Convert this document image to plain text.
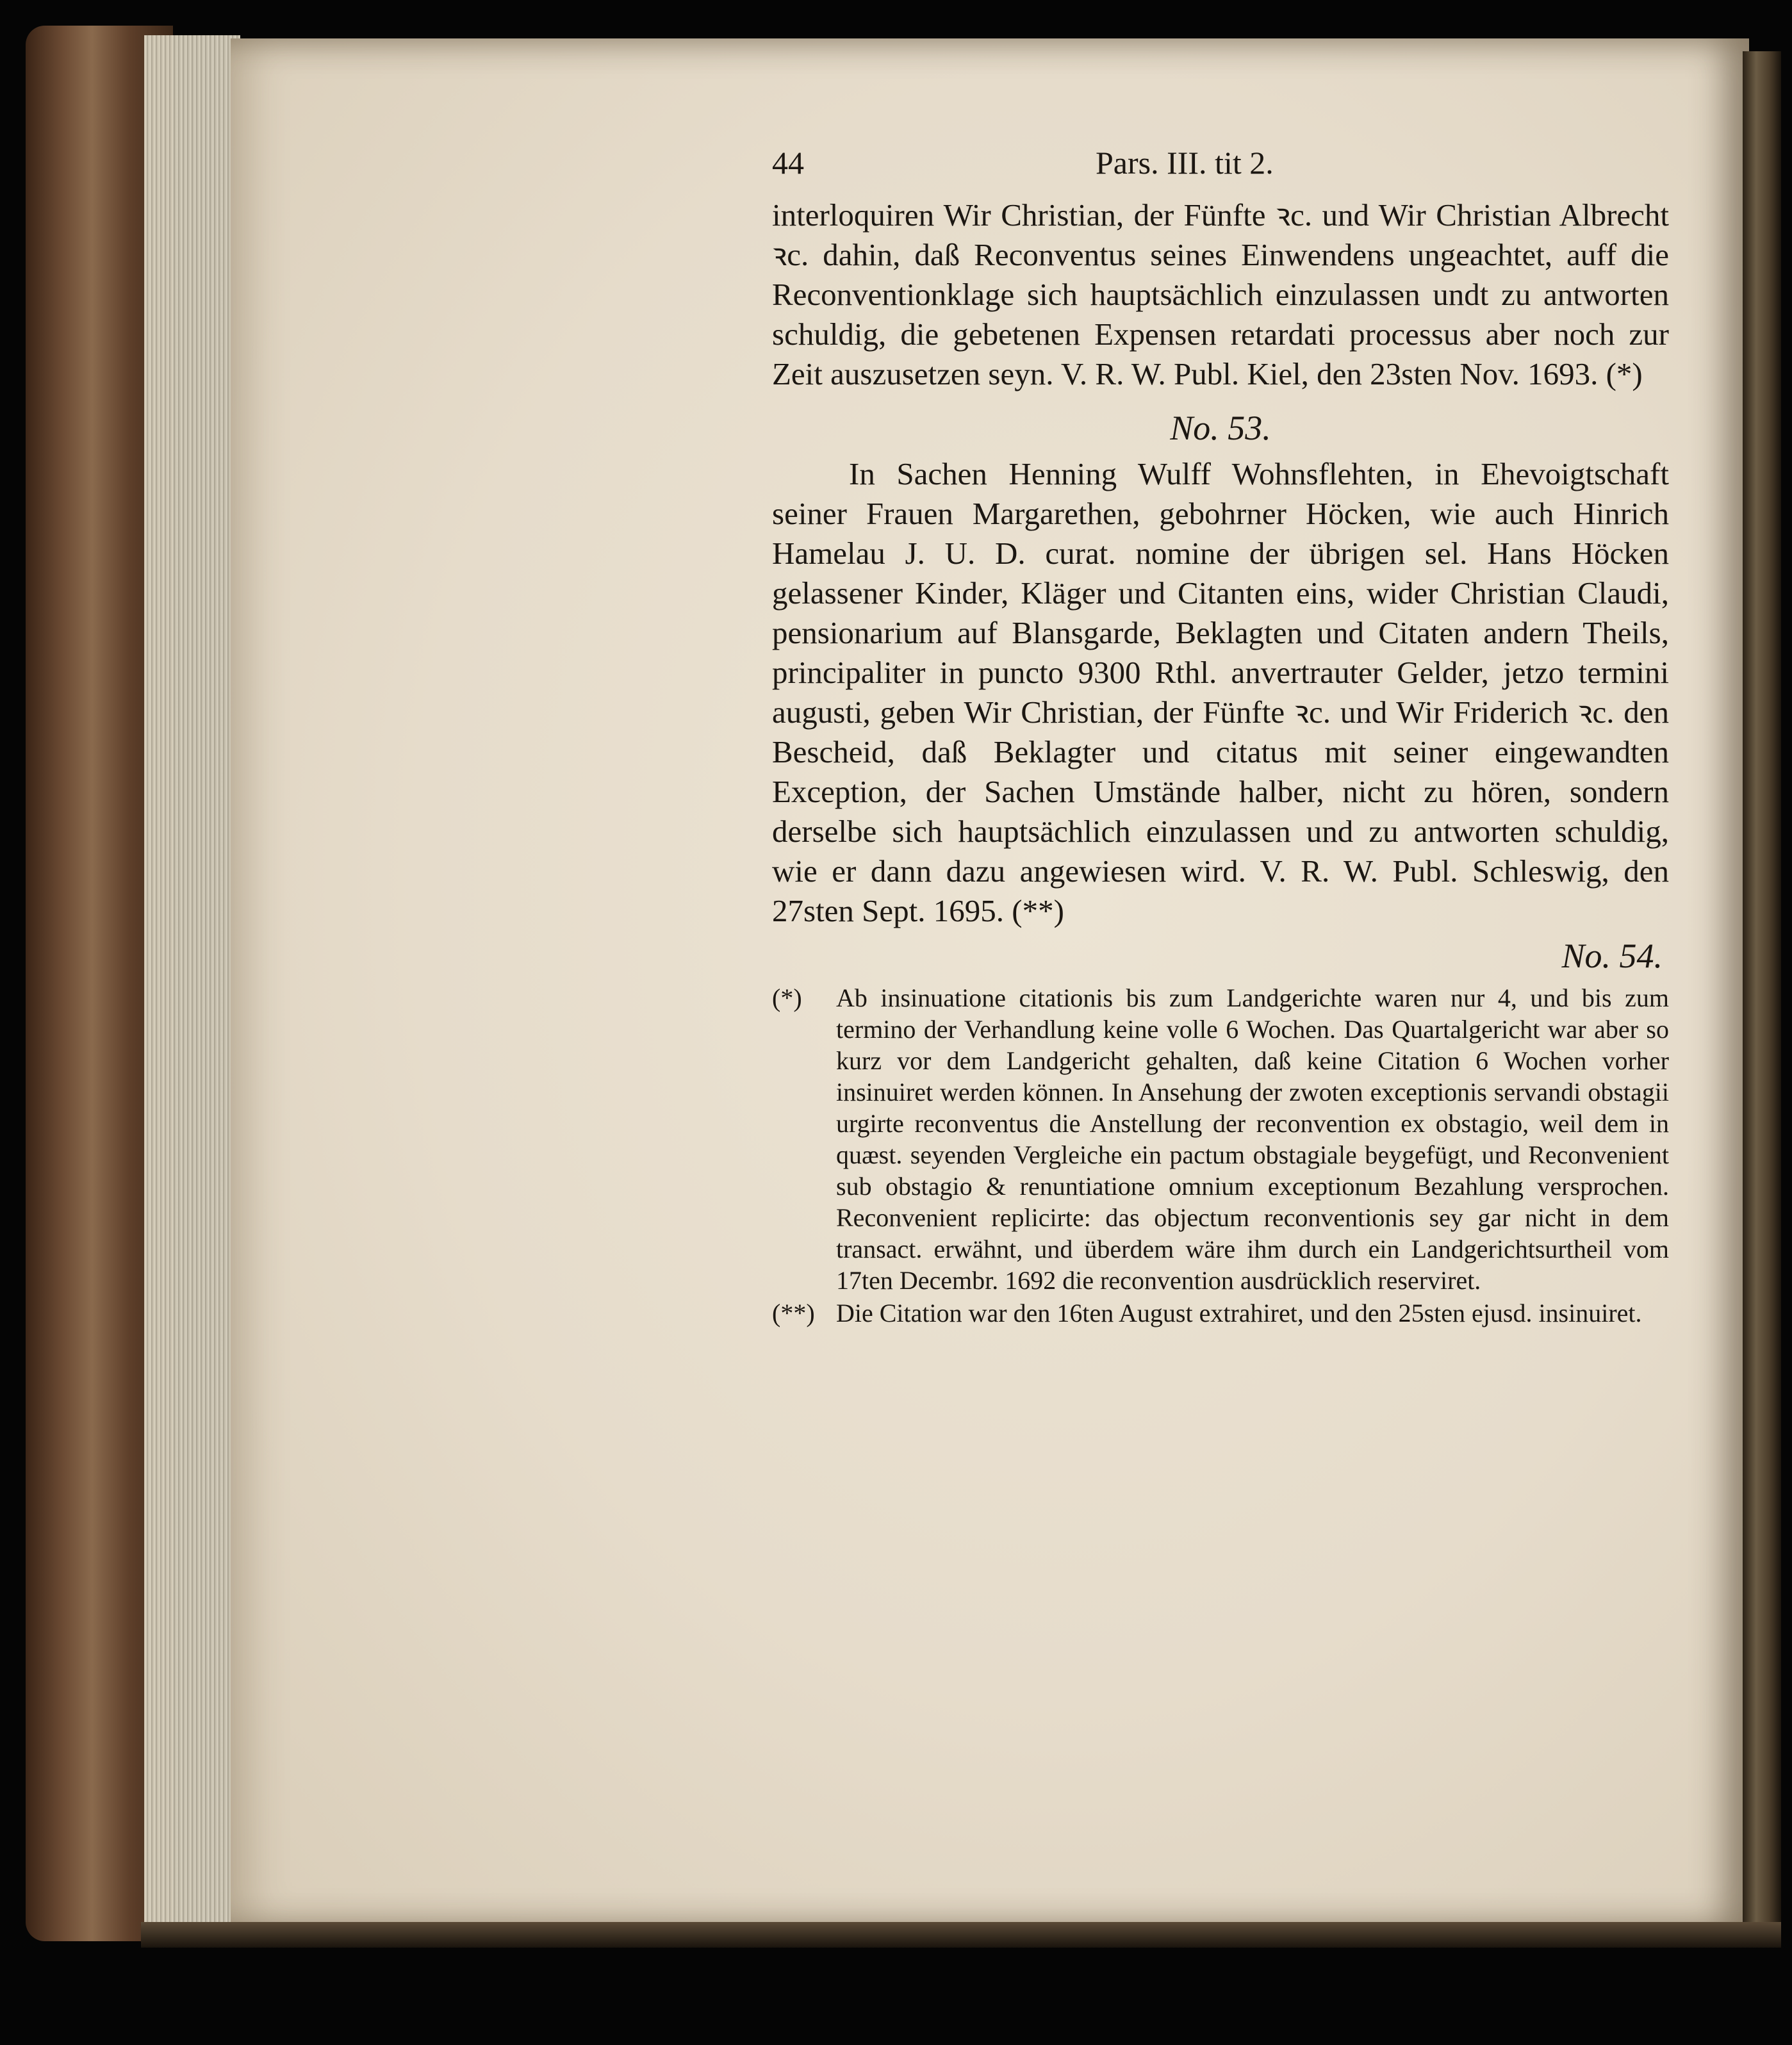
44	Pars. III. tit 2.

interloquiren Wir Christian, der Fünfte ꝛc. und Wir Christian Albrecht ꝛc. dahin, daß Reconventus seines Einwendens ungeachtet, auff die Reconventionklage sich hauptsächlich einzulassen undt zu antworten schuldig, die gebetenen Expensen retardati processus aber noch zur Zeit auszusetzen seyn. V. R. W. Publ. Kiel, den 23sten Nov. 1693. (*)

No. 53.

In Sachen Henning Wulff Wohnsflehten, in Ehevoigtschaft seiner Frauen Margarethen, gebohrner Höcken, wie auch Hinrich Hamelau J. U. D. curat. nomine der übrigen sel. Hans Höcken gelassener Kinder, Kläger und Citanten eins, wider Christian Claudi, pensionarium auf Blansgarde, Beklagten und Citaten andern Theils, principaliter in puncto 9300 Rthl. anvertrauter Gelder, jetzo termini augusti, geben Wir Christian, der Fünfte ꝛc. und Wir Friderich ꝛc. den Bescheid, daß Beklagter und citatus mit seiner eingewandten Exception, der Sachen Umstände halber, nicht zu hören, sondern derselbe sich hauptsächlich einzulassen und zu antworten schuldig, wie er dann dazu angewiesen wird. V. R. W. Publ. Schleswig, den 27sten Sept. 1695. (**)

No. 54.

(*) Ab insinuatione citationis bis zum Landgerichte waren nur 4, und bis zum termino der Verhandlung keine volle 6 Wochen. Das Quartalgericht war aber so kurz vor dem Landgericht gehalten, daß keine Citation 6 Wochen vorher insinuiret werden können. In Ansehung der zwoten exceptionis servandi obstagii urgirte reconventus die Anstellung der reconvention ex obstagio, weil dem in quæst. seyenden Vergleiche ein pactum obstagiale beygefügt, und Reconvenient sub obstagio & renuntiatione omnium exceptionum Bezahlung versprochen. Reconvenient replicirte: das objectum reconventionis sey gar nicht in dem transact. erwähnt, und überdem wäre ihm durch ein Landgerichtsurtheil vom 17ten Decembr. 1692 die reconvention ausdrücklich reserviret.

(**) Die Citation war den 16ten August extrahiret, und den 25sten ejusd. insinuiret.
